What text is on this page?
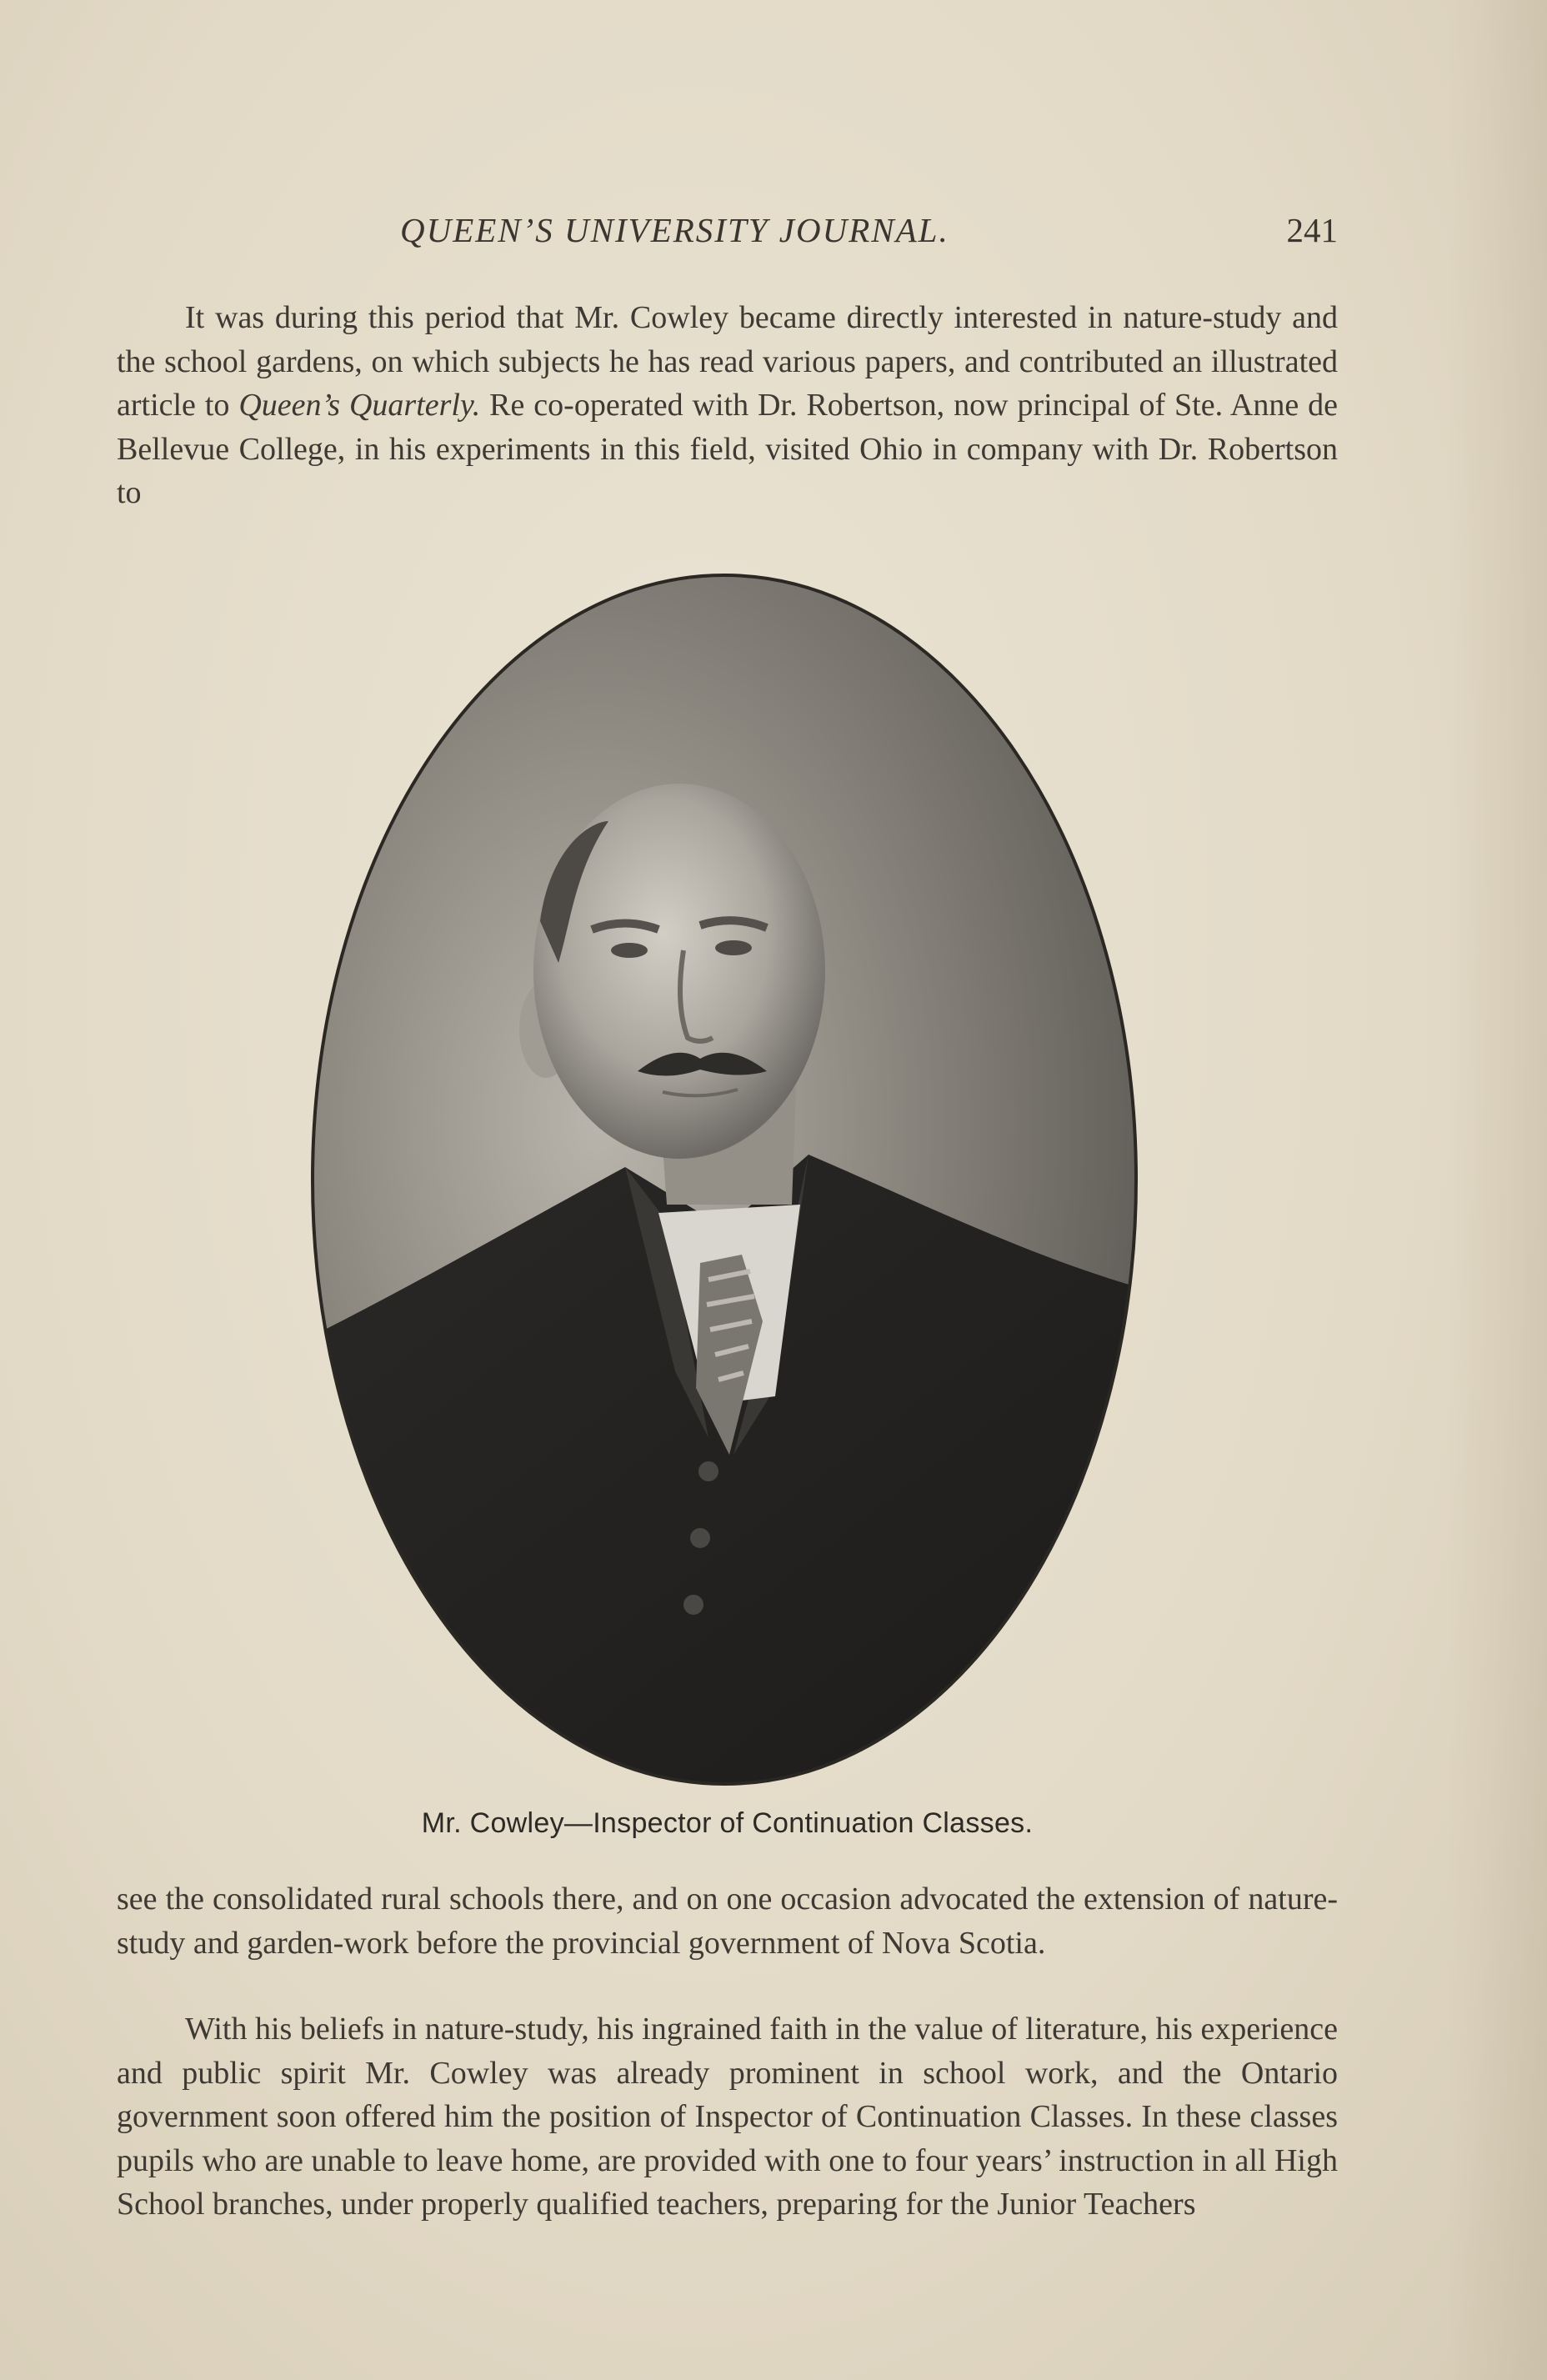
QUEEN’S UNIVERSITY JOURNAL.	241

It was during this period that Mr. Cowley became directly interested in nature-study and the school gardens, on which subjects he has read various papers, and contributed an illustrated article to Queen’s Quarterly. Re co-operated with Dr. Robertson, now principal of Ste. Anne de Bellevue College, in his experiments in this field, visited Ohio in company with Dr. Robertson to

Mr. Cowley—Inspector of Continuation Classes.

see the consolidated rural schools there, and on one occasion advocated the extension of nature-study and garden-work before the provincial government of Nova Scotia.

With his beliefs in nature-study, his ingrained faith in the value of literature, his experience and public spirit Mr. Cowley was already prominent in school work, and the Ontario government soon offered him the position of Inspector of Continuation Classes. In these classes pupils who are unable to leave home, are provided with one to four years’ instruction in all High School branches, under properly qualified teachers, preparing for the Junior Teachers
